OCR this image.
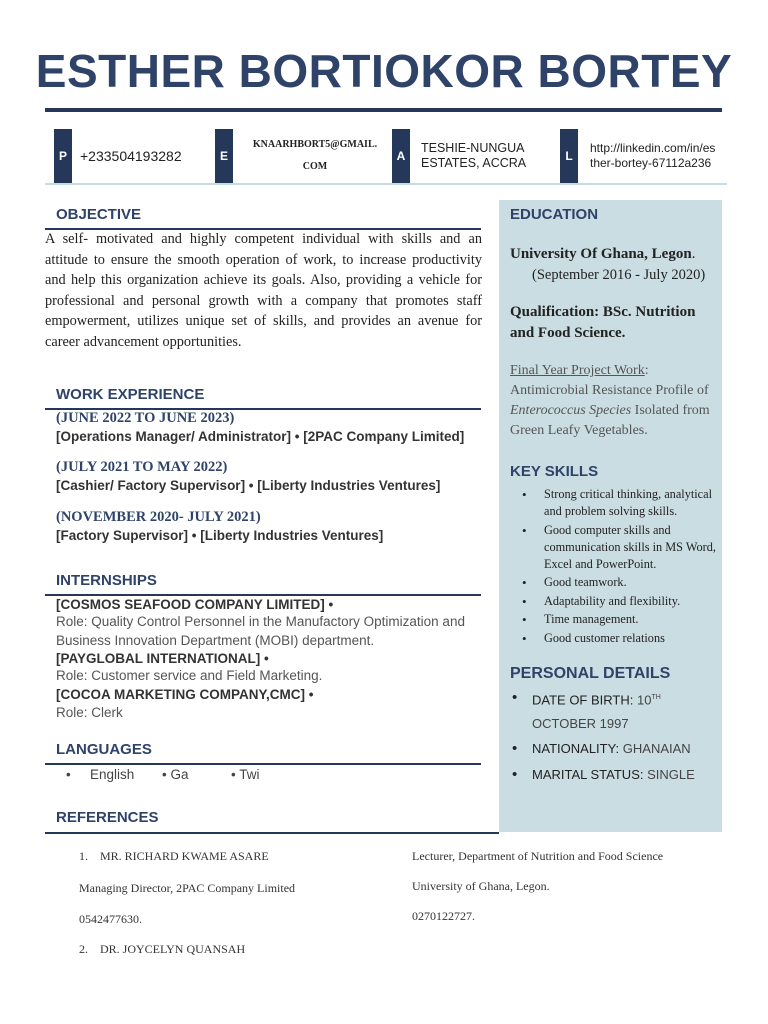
ESTHER BORTIOKOR BORTEY
P +233504193282	E
KNAARHBORT5@GMAIL.
COM
A
TESHIE-NUNGUA
ESTATES, ACCRA	L
http://linkedin.com/in/es
ther-bortey-67112a236
OBJECTIVE
A self- motivated and highly competent individual with skills and an attitude to ensure the smooth operation of work, to increase productivity and help this organization achieve its goals. Also, providing a vehicle for professional and personal growth with a company that promotes staff empowerment, utilizes unique set of skills, and provides an avenue for career advancement opportunities.
WORK EXPERIENCE
(JUNE 2022 TO JUNE 2023)
[Operations Manager/ Administrator] • [2PAC Company Limited]
(JULY 2021 TO MAY 2022)
[Cashier/ Factory Supervisor] • [Liberty Industries Ventures]
(NOVEMBER 2020- JULY 2021)
[Factory Supervisor] • [Liberty Industries Ventures]
INTERNSHIPS
[COSMOS SEAFOOD COMPANY LIMITED] •
Role: Quality Control Personnel in the Manufactory Optimization and Business Innovation Department (MOBI) department.
[PAYGLOBAL INTERNATIONAL] •
Role: Customer service and Field Marketing.
[COCOA MARKETING COMPANY,CMC] •
Role: Clerk
LANGUAGES
• English • Ga	• Twi
REFERENCES
1.    MR. RICHARD KWAME ASARE
Managing Director, 2PAC Company Limited
0542477630.
2.    DR. JOYCELYN QUANSAH
Lecturer, Department of Nutrition and Food Science
University of Ghana, Legon.
0270122727.
EDUCATION
University Of Ghana, Legon.
(September 2016 - July 2020)
Qualification: BSc. Nutrition and Food Science.
Final Year Project Work: Antimicrobial Resistance Profile of Enterococcus Species Isolated from Green Leafy Vegetables.
KEY SKILLS
• Strong critical thinking, analytical and problem solving skills.
• Good computer skills and communication skills in MS Word, Excel and PowerPoint.
• Good teamwork.
• Adaptability and flexibility.
• Time management.
• Good customer relations
PERSONAL DETAILS
• DATE OF BIRTH: 10TH
OCTOBER 1997
• NATIONALITY: GHANAIAN
• MARITAL STATUS: SINGLE
